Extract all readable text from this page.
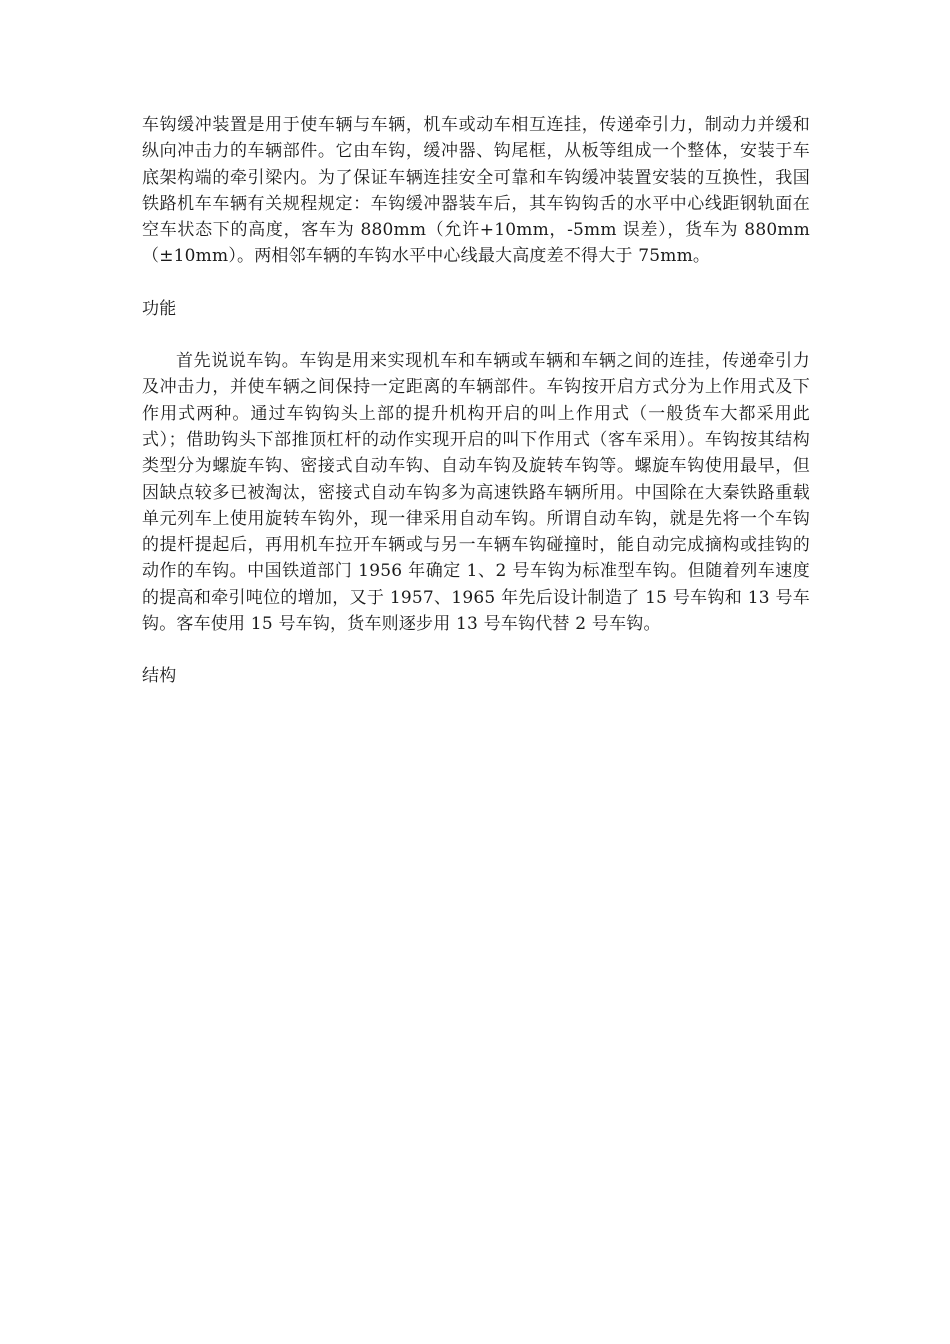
车钩缓冲装置是用于使车辆与车辆，机车或动车相互连挂，传递牵引力，制动力并缓和纵向冲击力的车辆部件。它由车钩，缓冲器、钩尾框，从板等组成一个整体，安装于车底架构端的牵引梁内。为了保证车辆连挂安全可靠和车钩缓冲装置安装的互换性，我国铁路机车车辆有关规程规定：车钩缓冲器装车后，其车钩钩舌的水平中心线距钢轨面在空车状态下的高度，客车为 880mm（允许+10mm，-5mm 误差），货车为 880mm（±10mm）。两相邻车辆的车钩水平中心线最大高度差不得大于 75mm。

功能

首先说说车钩。车钩是用来实现机车和车辆或车辆和车辆之间的连挂，传递牵引力及冲击力，并使车辆之间保持一定距离的车辆部件。车钩按开启方式分为上作用式及下作用式两种。通过车钩钩头上部的提升机构开启的叫上作用式（一般货车大都采用此式）；借助钩头下部推顶杠杆的动作实现开启的叫下作用式（客车采用）。车钩按其结构类型分为螺旋车钩、密接式自动车钩、自动车钩及旋转车钩等。螺旋车钩使用最早，但因缺点较多已被淘汰，密接式自动车钩多为高速铁路车辆所用。中国除在大秦铁路重载单元列车上使用旋转车钩外，现一律采用自动车钩。所谓自动车钩，就是先将一个车钩的提杆提起后，再用机车拉开车辆或与另一车辆车钩碰撞时，能自动完成摘构或挂钩的动作的车钩。中国铁道部门 1956 年确定 1、2 号车钩为标准型车钩。但随着列车速度的提高和牵引吨位的增加，又于 1957、1965 年先后设计制造了 15 号车钩和 13 号车钩。客车使用 15 号车钩，货车则逐步用 13 号车钩代替 2 号车钩。

结构
